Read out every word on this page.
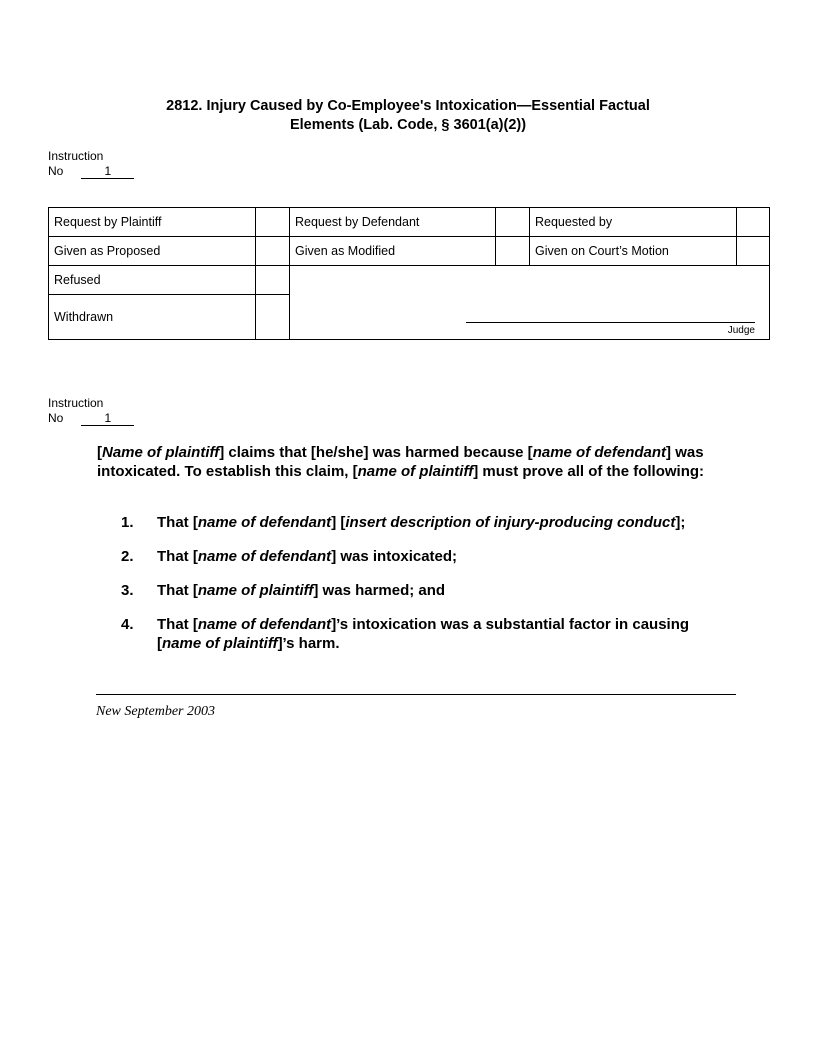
2812. Injury Caused by Co-Employee's Intoxication—Essential Factual
Elements (Lab. Code, § 3601(a)(2))
Instruction
No	1
Request by Plaintiff		Request by Defendant		Requested by	
Given as Proposed		Given as Modified		Given on Court’s Motion	
Refused		Judge			

Withdrawn					
Instruction
No	1
[Name of plaintiff] claims that [he/she] was harmed because [name of defendant] was intoxicated. To establish this claim, [name of plaintiff] must prove all of the following:
1. That [name of defendant] [insert description of injury-producing conduct];
2. That [name of defendant] was intoxicated;
3. That [name of plaintiff] was harmed; and
4. That [name of defendant]’s intoxication was a substantial factor in causing [name of plaintiff]’s harm.
New September 2003
